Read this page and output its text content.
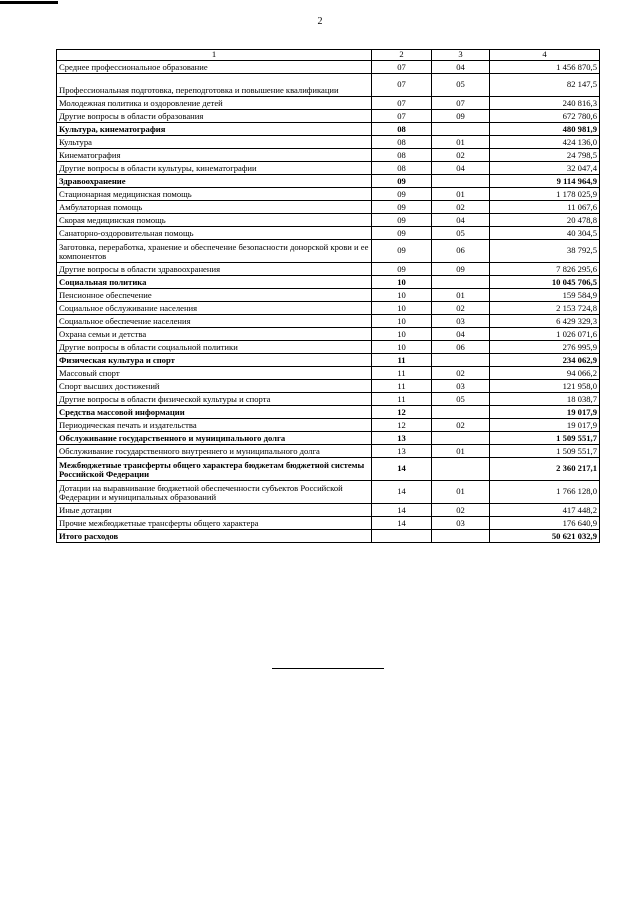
2
1	2	3	4
Среднее профессиональное образование	07	04	1 456 870,5
Профессиональная подготовка, переподготовка и повышение квалификации	07	05	82 147,5
Молодежная политика и оздоровление детей	07	07	240 816,3
Другие вопросы в области образования	07	09	672 780,6
Культура, кинематография	08		480 981,9
Культура	08	01	424 136,0
Кинематография	08	02	24 798,5
Другие вопросы в области культуры, кинематографии	08	04	32 047,4
Здравоохранение	09		9 114 964,9
Стационарная медицинская помощь	09	01	1 178 025,9
Амбулаторная помощь	09	02	11 067,6
Скорая медицинская помощь	09	04	20 478,8
Санаторно-оздоровительная помощь	09	05	40 304,5
Заготовка, переработка, хранение и обеспечение безопасности донорской крови и ее компонентов	09	06	38 792,5
Другие вопросы в области здравоохранения	09	09	7 826 295,6
Социальная политика	10		10 045 706,5
Пенсионное обеспечение	10	01	159 584,9
Социальное обслуживание населения	10	02	2 153 724,8
Социальное обеспечение населения	10	03	6 429 329,3
Охрана семьи и детства	10	04	1 026 071,6
Другие вопросы в области социальной политики	10	06	276 995,9
Физическая культура и спорт	11		234 062,9
Массовый спорт	11	02	94 066,2
Спорт высших достижений	11	03	121 958,0
Другие вопросы в области физической культуры и спорта	11	05	18 038,7
Средства массовой информации	12		19 017,9
Периодическая печать и издательства	12	02	19 017,9
Обслуживание государственного и муниципального долга	13		1 509 551,7
Обслуживание государственного внутреннего и муниципального долга	13	01	1 509 551,7
Межбюджетные трансферты общего характера бюджетам бюджетной системы Российской Федерации	14		2 360 217,1
Дотации на выравнивание бюджетной обеспеченности субъектов Российской Федерации и муниципальных образований	14	01	1 766 128,0
Иные дотации	14	02	417 448,2
Прочие межбюджетные трансферты общего характера	14	03	176 640,9
Итого расходов			50 621 032,9
